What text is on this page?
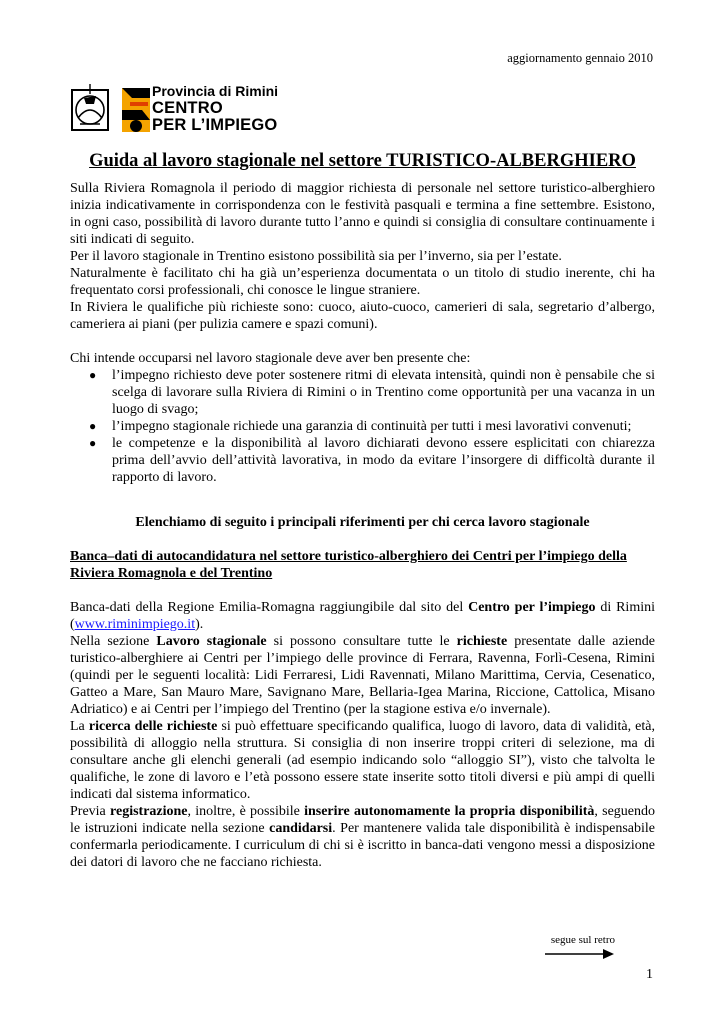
aggiornamento gennaio 2010
Provincia di Rimini
CENTRO
PER L’IMPIEGO
Guida al lavoro stagionale nel settore TURISTICO-ALBERGHIERO

Sulla Riviera Romagnola il periodo di maggior richiesta di personale nel settore turistico-alberghiero inizia indicativamente in corrispondenza con le festività pasquali e termina a fine settembre. Esistono, in ogni caso, possibilità di lavoro durante tutto l’anno e quindi si consiglia di consultare continuamente i siti indicati di seguito.

Per il lavoro stagionale in Trentino esistono possibilità sia per l’inverno, sia per l’estate.

Naturalmente è facilitato chi ha già un’esperienza documentata o un titolo di studio inerente, chi ha frequentato corsi professionali, chi conosce le lingue straniere.

In Riviera le qualifiche più richieste sono: cuoco, aiuto-cuoco, camerieri di sala, segretario d’albergo, cameriera ai piani (per pulizia camere e spazi comuni).

Chi intende occuparsi nel lavoro stagionale deve aver ben presente che:

● l’impegno richiesto deve poter sostenere ritmi di elevata intensità, quindi non è pensabile che si scelga di lavorare sulla Riviera di Rimini o in Trentino come opportunità per una vacanza in un luogo di svago;
● l’impegno stagionale richiede una garanzia di continuità per tutti i mesi lavorativi convenuti;
● le competenze e la disponibilità al lavoro dichiarati devono essere esplicitati con chiarezza prima dell’avvio dell’attività lavorativa, in modo da evitare l’insorgere di difficoltà durante il rapporto di lavoro.

Elenchiamo di seguito i principali riferimenti per chi cerca lavoro stagionale

Banca–dati di autocandidatura nel settore turistico-alberghiero dei Centri per l’impiego della Riviera Romagnola e del Trentino

Banca-dati della Regione Emilia-Romagna raggiungibile dal sito del Centro per l’impiego di Rimini (www.riminimpiego.it).

Nella sezione Lavoro stagionale si possono consultare tutte le richieste presentate dalle aziende turistico-alberghiere ai Centri per l’impiego delle province di Ferrara, Ravenna, Forlì-Cesena, Rimini (quindi per le seguenti località: Lidi Ferraresi, Lidi Ravennati, Milano Marittima, Cervia, Cesenatico, Gatteo a Mare, San Mauro Mare, Savignano Mare, Bellaria-Igea Marina, Riccione, Cattolica, Misano Adriatico) e ai Centri per l’impiego del Trentino (per la stagione estiva e/o invernale).

La ricerca delle richieste si può effettuare specificando qualifica, luogo di lavoro, data di validità, età, possibilità di alloggio nella struttura. Si consiglia di non inserire troppi criteri di selezione, ma di consultare anche gli elenchi generali (ad esempio indicando solo “alloggio SI”), visto che talvolta le qualifiche, le zone di lavoro e l’età possono essere state inserite sotto titoli diversi e più ampi di quelli indicati dal sistema informatico.

Previa registrazione, inoltre, è possibile inserire autonomamente la propria disponibilità, seguendo le istruzioni indicate nella sezione candidarsi. Per mantenere valida tale disponibilità è indispensabile confermarla periodicamente. I curriculum di chi si è iscritto in banca-dati vengono messi a disposizione dei datori di lavoro che ne facciano richiesta.

segue sul retro
1
